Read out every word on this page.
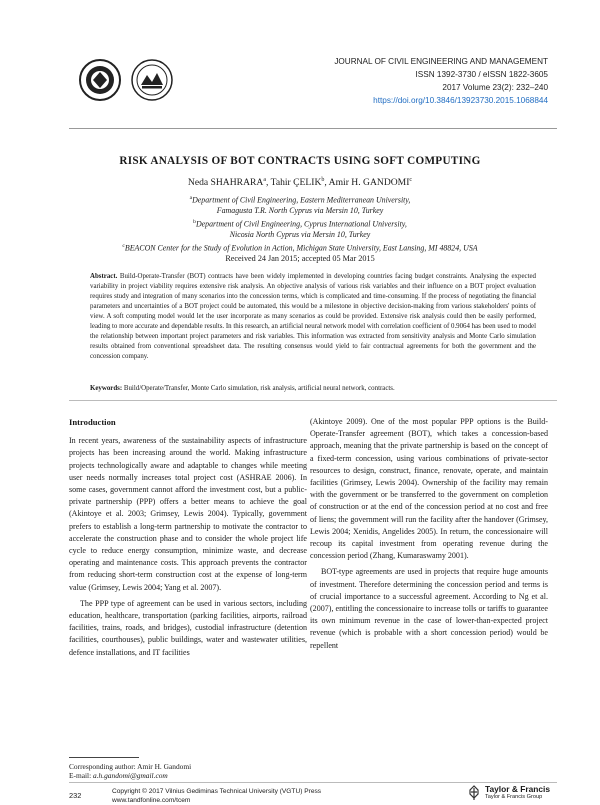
JOURNAL OF CIVIL ENGINEERING AND MANAGEMENT
ISSN 1392-3730 / eISSN 1822-3605
2017 Volume 23(2): 232–240
https://doi.org/10.3846/13923730.2015.1068844
RISK ANALYSIS OF BOT CONTRACTS USING SOFT COMPUTING
Neda SHAHRARA$^a$, Tahir ÇELIK$^b$, Amir H. GANDOMI$^c$
$^a$Department of Civil Engineering, Eastern Mediterranean University,
Famagusta T.R. North Cyprus via Mersin 10, Turkey
$^b$Department of Civil Engineering, Cyprus International University,
Nicosia North Cyprus via Mersin 10, Turkey
$^c$BEACON Center for the Study of Evolution in Action, Michigan State University, East Lansing, MI 48824, USA
Received 24 Jan 2015; accepted 05 Mar 2015
Abstract. Build-Operate-Transfer (BOT) contracts have been widely implemented in developing countries facing budget constraints. Analysing the expected variability in project viability requires extensive risk analysis. An objective analysis of various risk variables and their influence on a BOT project evaluation requires study and integration of many scenarios into the concession terms, which is complicated and time-consuming. If the process of negotiating the financial parameters and uncertainties of a BOT project could be automated, this would be a milestone in objective decision-making from various stakeholders' points of view. A soft computing model would let the user incorporate as many scenarios as could be provided. Extensive risk analysis could then be easily performed, leading to more accurate and dependable results. In this research, an artificial neural network model with correlation coefficient of 0.9064 has been used to model the relationship between important project parameters and risk variables. This information was extracted from sensitivity analysis and Monte Carlo simulation results obtained from conventional spreadsheet data. The resulting consensus would yield to fair contractual agreements for both the government and the concession company.
Keywords: Build/Operate/Transfer, Monte Carlo simulation, risk analysis, artificial neural network, contracts.
Introduction

In recent years, awareness of the sustainability aspects of infrastructure projects has been increasing around the world. Making infrastructure projects technologically aware and adaptable to changes while meeting user needs normally increases total project cost (ASHRAE 2006). In some cases, government cannot afford the investment cost, but a public-private partnership (PPP) offers a better means to achieve the goal (Akintoye et al. 2003; Grimsey, Lewis 2004). Typically, government prefers to establish a long-term partnership to motivate the contractor to accelerate the construction phase and to consider the whole project life cycle to reduce energy consumption, minimize waste, and decrease operating and maintenance costs. This approach prevents the contractor from reducing short-term construction cost at the expense of long-term value (Grimsey, Lewis 2004; Yang et al. 2007).

The PPP type of agreement can be used in various sectors, including education, healthcare, transportation (parking facilities, airports, railroad facilities, trains, roads, and bridges), custodial infrastructure (detention facilities, courthouses), public buildings, water and wastewater utilities, defence installations, and IT facilities

(Akintoye 2009). One of the most popular PPP options is the Build-Operate-Transfer agreement (BOT), which takes a concession-based approach, meaning that the private partnership is based on the concept of a fixed-term concession, using various combinations of private-sector resources to design, construct, finance, renovate, operate, and maintain facilities (Grimsey, Lewis 2004). Ownership of the facility may remain with the government or be transferred to the government on completion of construction or at the end of the concession period at no cost and free of liens; the government will run the facility after the handover (Grimsey, Lewis 2004; Xenidis, Angelides 2005). In return, the concessionaire will recoup its capital investment from operating revenue during the concession period (Zhang, Kumaraswamy 2001).

BOT-type agreements are used in projects that require huge amounts of investment. Therefore determining the concession period and terms is of crucial importance to a successful agreement. According to Ng et al. (2007), entitling the concessionaire to increase tolls or tariffs to guarantee its own minimum revenue in the case of lower-than-expected project revenue (which is probable with a short concession period) would be repellent

Corresponding author: Amir H. Gandomi
E-mail: a.h.gandomi@gmail.com
232	Copyright © 2017 Vilnius Gediminas Technical University (VGTU) Press
www.tandfonline.com/tcem
Taylor & Francis
Taylor & Francis Group
